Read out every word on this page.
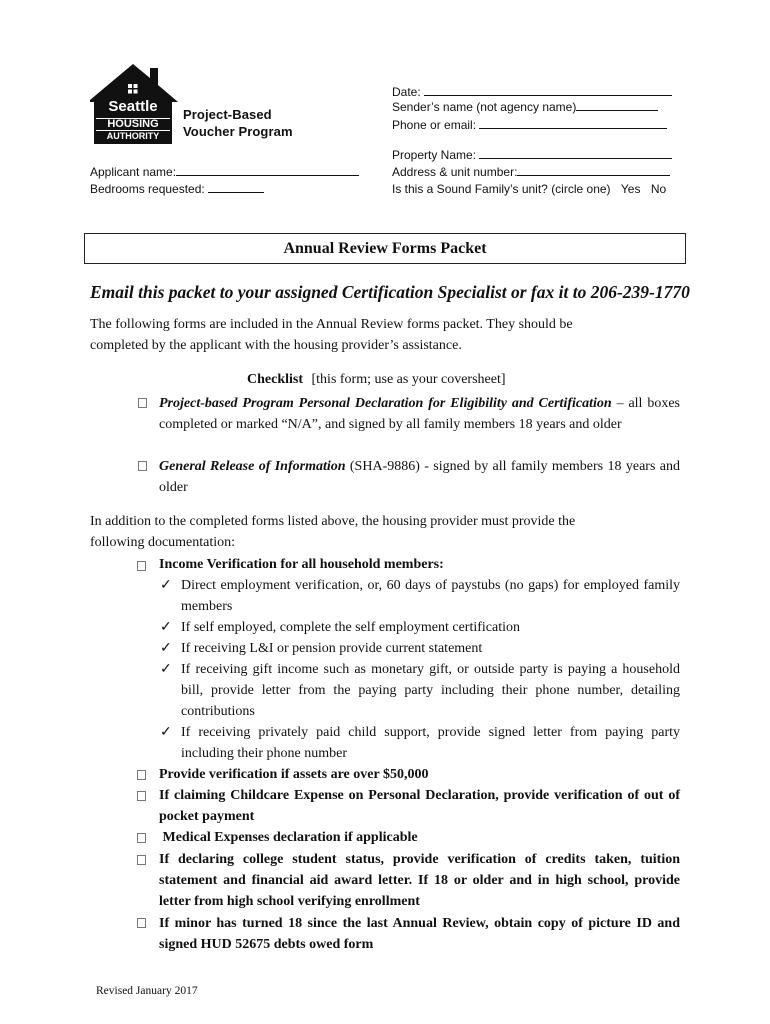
Seattle
HOUSING
AUTHORITY
Project-Based
Voucher Program
Date:
Sender’s name (not agency name)
Phone or email:
Property Name:
Address & unit number:
Is this a Sound Family’s unit? (circle one) Yes No
Applicant name:
Bedrooms requested:
Annual Review Forms Packet
Email this packet to your assigned Certification Specialist or fax it to 206-239-1770
The following forms are included in the Annual Review forms packet. They should be completed by the applicant with the housing provider’s assistance.
Checklist [this form; use as your coversheet]
Project-based Program Personal Declaration for Eligibility and Certification – all boxes completed or marked “N/A”, and signed by all family members 18 years and older
General Release of Information (SHA-9886) - signed by all family members 18 years and older
In addition to the completed forms listed above, the housing provider must provide the following documentation:
Income Verification for all household members:
✓ Direct employment verification, or, 60 days of paystubs (no gaps) for employed family members
✓ If self employed, complete the self employment certification
✓ If receiving L&I or pension provide current statement
✓ If receiving gift income such as monetary gift, or outside party is paying a household bill, provide letter from the paying party including their phone number, detailing contributions
✓ If receiving privately paid child support, provide signed letter from paying party including their phone number
Provide verification if assets are over $50,000
If claiming Childcare Expense on Personal Declaration, provide verification of out of pocket payment
Medical Expenses declaration if applicable
If declaring college student status, provide verification of credits taken, tuition statement and financial aid award letter. If 18 or older and in high school, provide letter from high school verifying enrollment
If minor has turned 18 since the last Annual Review, obtain copy of picture ID and signed HUD 52675 debts owed form
Revised January 2017
